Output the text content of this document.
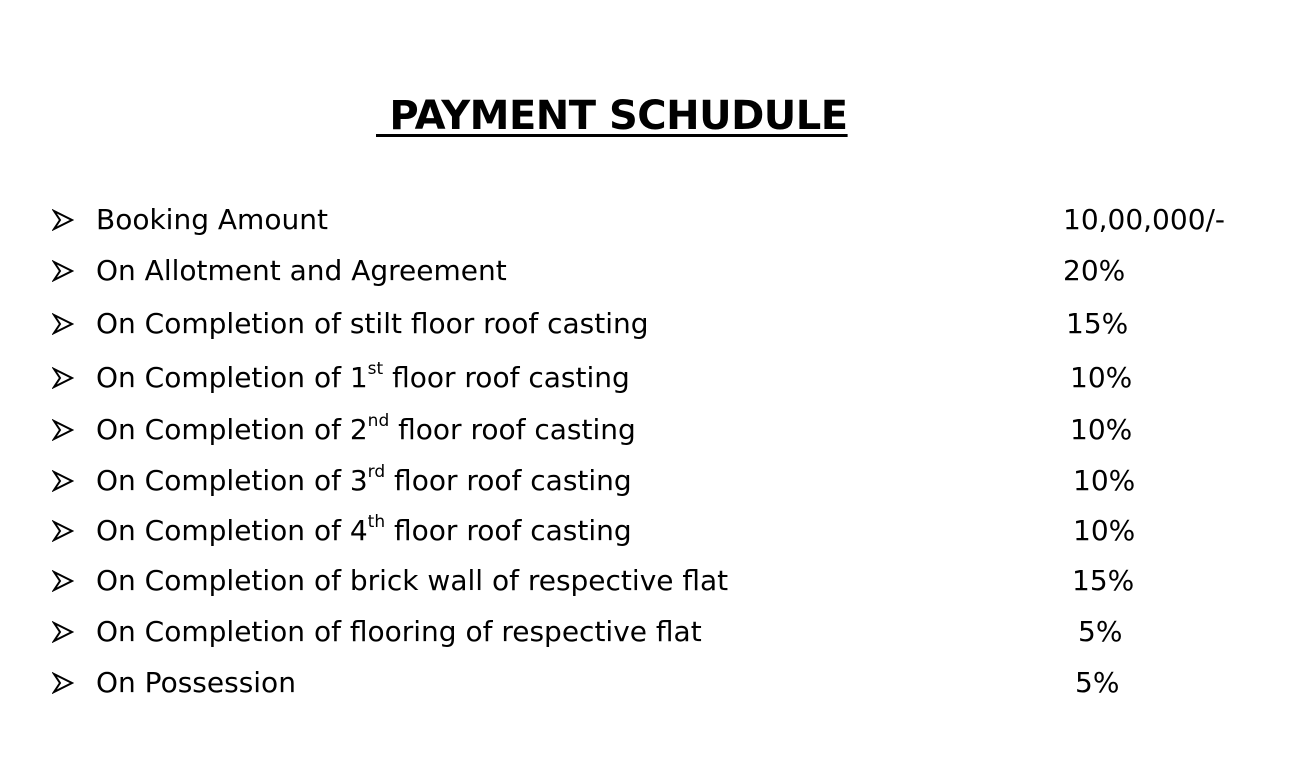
PAYMENT SCHUDULE
Booking Amount	10,00,000/-
On Allotment and Agreement	20%
On Completion of stilt floor roof casting	15%
On Completion of 1st floor roof casting	10%
On Completion of 2nd floor roof casting	10%
On Completion of 3rd floor roof casting	10%
On Completion of 4th floor roof casting	10%
On Completion of brick wall of respective flat	15%
On Completion of flooring of respective flat	5%
On Possession	5%
